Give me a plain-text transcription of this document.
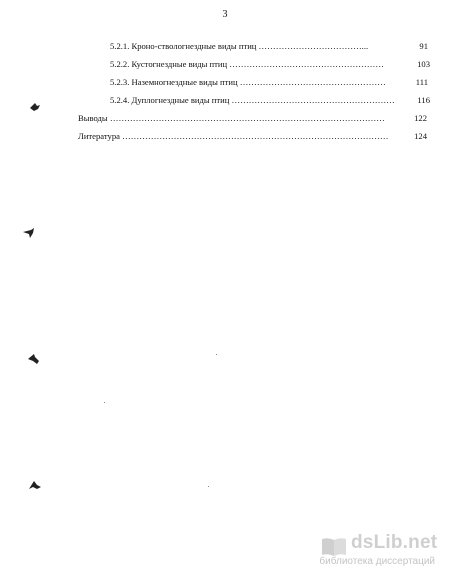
3
5.2.1. Кроно-ствологнездные виды птиц ………………………………...	91
5.2.2. Кустогнездные виды птиц ………………………………………………	103
5.2.3. Наземногнездные виды птиц ……………………………………………	111
5.2.4. Дуплогнездные виды птиц …………………………………………………	116
Выводы ……………………………………………………………………………………	122
Литература …………………………………………………………………………………	124
dsLib.net
библиотека диссертаций
